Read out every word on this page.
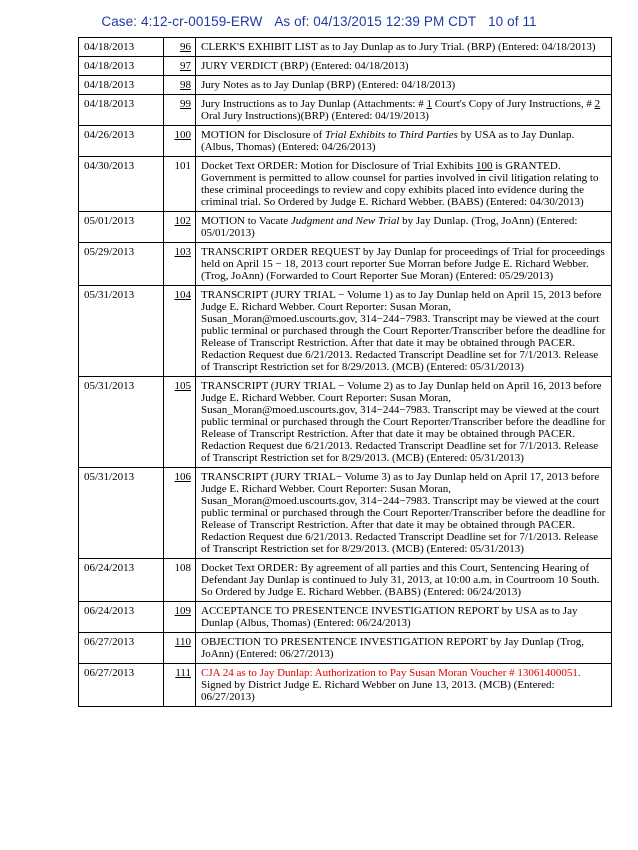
Case: 4:12-cr-00159-ERW As of: 04/13/2015 12:39 PM CDT 10 of 11
04/18/2013	96	CLERK'S EXHIBIT LIST as to Jay Dunlap as to Jury Trial. (BRP) (Entered: 04/18/2013)
04/18/2013	97	JURY VERDICT (BRP) (Entered: 04/18/2013)
04/18/2013	98	Jury Notes as to Jay Dunlap (BRP) (Entered: 04/18/2013)
04/18/2013	99	Jury Instructions as to Jay Dunlap (Attachments: # 1 Court's Copy of Jury Instructions, # 2 Oral Jury Instructions)(BRP) (Entered: 04/19/2013)
04/26/2013	100	MOTION for Disclosure of Trial Exhibits to Third Parties by USA as to Jay Dunlap. (Albus, Thomas) (Entered: 04/26/2013)
04/30/2013	101	Docket Text ORDER: Motion for Disclosure of Trial Exhibits 100 is GRANTED. Government is permitted to allow counsel for parties involved in civil litigation relating to these criminal proceedings to review and copy exhibits placed into evidence during the criminal trial. So Ordered by Judge E. Richard Webber. (BABS) (Entered: 04/30/2013)
05/01/2013	102	MOTION to Vacate Judgment and New Trial by Jay Dunlap. (Trog, JoAnn) (Entered: 05/01/2013)
05/29/2013	103	TRANSCRIPT ORDER REQUEST by Jay Dunlap for proceedings of Trial for proceedings held on April 15 − 18, 2013 court reporter Sue Morran before Judge E. Richard Webber. (Trog, JoAnn) (Forwarded to Court Reporter Sue Moran) (Entered: 05/29/2013)
05/31/2013	104	TRANSCRIPT (JURY TRIAL − Volume 1) as to Jay Dunlap held on April 15, 2013 before Judge E. Richard Webber. Court Reporter: Susan Moran, Susan_Moran@moed.uscourts.gov, 314−244−7983. Transcript may be viewed at the court public terminal or purchased through the Court Reporter/Transcriber before the deadline for Release of Transcript Restriction. After that date it may be obtained through PACER. Redaction Request due 6/21/2013. Redacted Transcript Deadline set for 7/1/2013. Release of Transcript Restriction set for 8/29/2013. (MCB) (Entered: 05/31/2013)
05/31/2013	105	TRANSCRIPT (JURY TRIAL − Volume 2) as to Jay Dunlap held on April 16, 2013 before Judge E. Richard Webber. Court Reporter: Susan Moran, Susan_Moran@moed.uscourts.gov, 314−244−7983. Transcript may be viewed at the court public terminal or purchased through the Court Reporter/Transcriber before the deadline for Release of Transcript Restriction. After that date it may be obtained through PACER. Redaction Request due 6/21/2013. Redacted Transcript Deadline set for 7/1/2013. Release of Transcript Restriction set for 8/29/2013. (MCB) (Entered: 05/31/2013)
05/31/2013	106	TRANSCRIPT (JURY TRIAL− Volume 3) as to Jay Dunlap held on April 17, 2013 before Judge E. Richard Webber. Court Reporter: Susan Moran, Susan_Moran@moed.uscourts.gov, 314−244−7983. Transcript may be viewed at the court public terminal or purchased through the Court Reporter/Transcriber before the deadline for Release of Transcript Restriction. After that date it may be obtained through PACER. Redaction Request due 6/21/2013. Redacted Transcript Deadline set for 7/1/2013. Release of Transcript Restriction set for 8/29/2013. (MCB) (Entered: 05/31/2013)
06/24/2013	108	Docket Text ORDER: By agreement of all parties and this Court, Sentencing Hearing of Defendant Jay Dunlap is continued to July 31, 2013, at 10:00 a.m. in Courtroom 10 South. So Ordered by Judge E. Richard Webber. (BABS) (Entered: 06/24/2013)
06/24/2013	109	ACCEPTANCE TO PRESENTENCE INVESTIGATION REPORT by USA as to Jay Dunlap (Albus, Thomas) (Entered: 06/24/2013)
06/27/2013	110	OBJECTION TO PRESENTENCE INVESTIGATION REPORT by Jay Dunlap (Trog, JoAnn) (Entered: 06/27/2013)
06/27/2013	111	CJA 24 as to Jay Dunlap: Authorization to Pay Susan Moran Voucher # 13061400051. Signed by District Judge E. Richard Webber on June 13, 2013. (MCB) (Entered: 06/27/2013)
